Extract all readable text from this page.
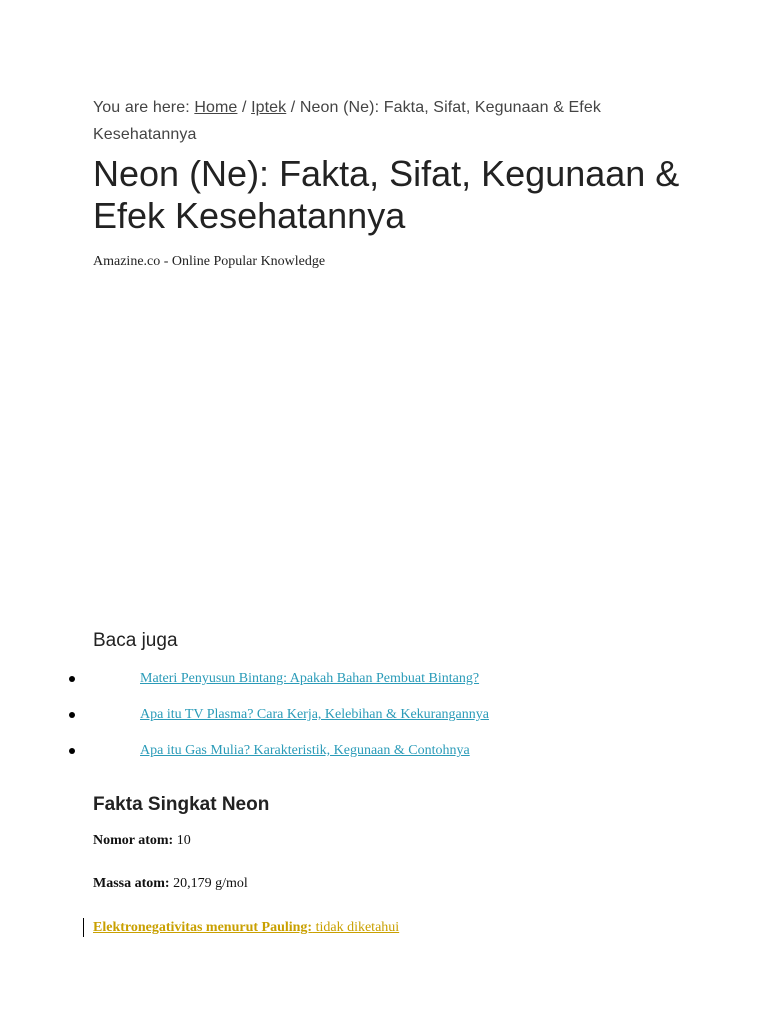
You are here: Home / Iptek / Neon (Ne): Fakta, Sifat, Kegunaan & Efek Kesehatannya
Neon (Ne): Fakta, Sifat, Kegunaan & Efek Kesehatannya
Amazine.co - Online Popular Knowledge
Baca juga
Materi Penyusun Bintang: Apakah Bahan Pembuat Bintang?
Apa itu TV Plasma? Cara Kerja, Kelebihan & Kekurangannya
Apa itu Gas Mulia? Karakteristik, Kegunaan & Contohnya
Fakta Singkat Neon
Nomor atom: 10
Massa atom: 20,179 g/mol
Elektronegativitas menurut Pauling: tidak diketahui
